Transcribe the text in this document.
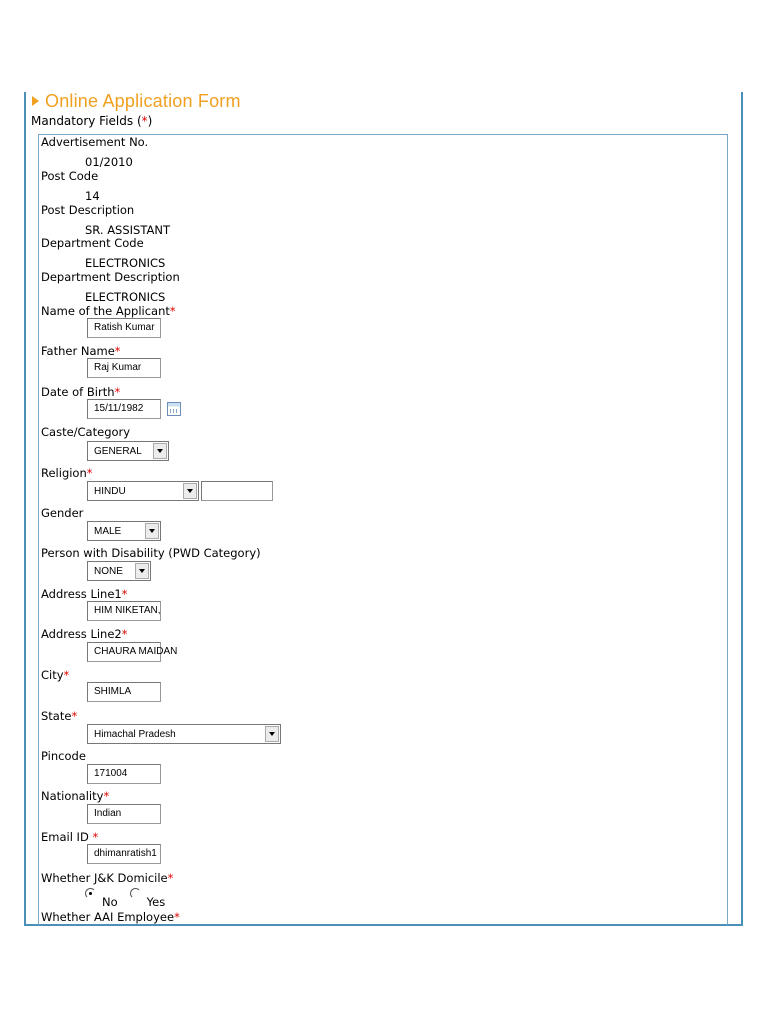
Online Application Form
Mandatory Fields (*)
Advertisement No.
01/2010
Post Code
14
Post Description
SR. ASSISTANT
Department Code
ELECTRONICS
Department Description
ELECTRONICS
Name of the Applicant*
Ratish Kumar
Father Name*
Raj Kumar
Date of Birth*
15/11/1982
Caste/Category
GENERAL
Religion*
HINDU
Gender
MALE
Person with Disability (PWD Category)
NONE
Address Line1*
HIM NIKETAN,
Address Line2*
CHAURA MAIDAN
City*
SHIMLA
State*
Himachal Pradesh
Pincode
171004
Nationality*
Indian
Email ID *
dhimanratish1
Whether J&K Domicile*
No	Yes
Whether AAI Employee*
